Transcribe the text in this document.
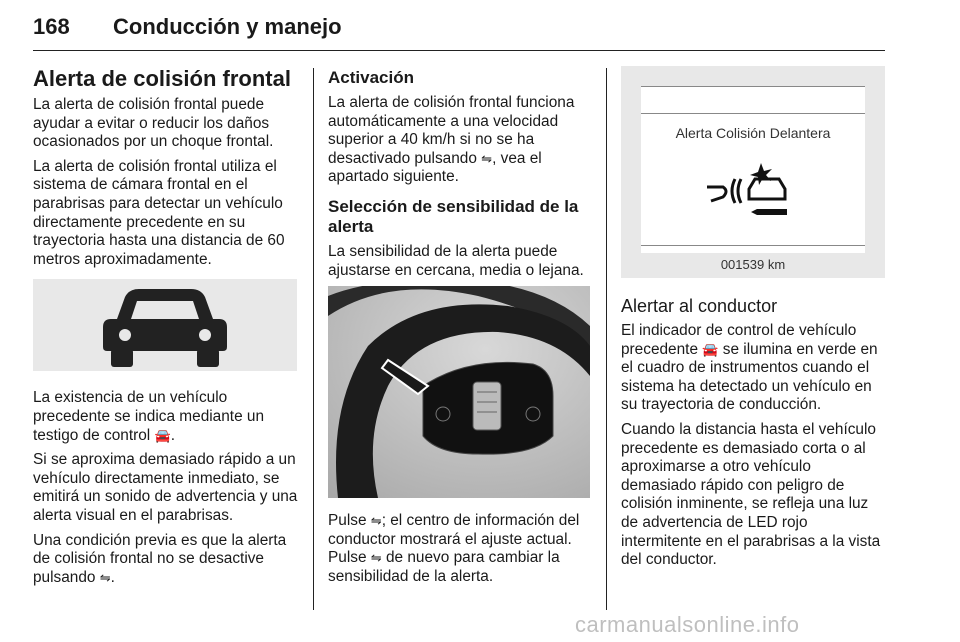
168 Conducción y manejo
Alerta de colisión frontal

La alerta de colisión frontal puede ayudar a evitar o reducir los daños ocasionados por un choque frontal.

La alerta de colisión frontal utiliza el sistema de cámara frontal en el parabrisas para detectar un vehículo directamente precedente en su trayectoria hasta una distancia de 60 metros aproximadamente.

La existencia de un vehículo precedente se indica mediante un testigo de control 🚘.

Si se aproxima demasiado rápido a un vehículo directamente inmediato, se emitirá un sonido de advertencia y una alerta visual en el parabrisas.

Una condición previa es que la alerta de colisión frontal no se desactive pulsando ⇋.

Activación

La alerta de colisión frontal funciona automáticamente a una velocidad superior a 40 km/h si no se ha desactivado pulsando ⇋, vea el apartado siguiente.

Selección de sensibilidad de la alerta

La sensibilidad de la alerta puede ajustarse en cercana, media o lejana.

Pulse ⇋; el centro de información del conductor mostrará el ajuste actual. Pulse ⇋ de nuevo para cambiar la sensibilidad de la alerta.

Alerta Colisión Delantera
001539 km
Alertar al conductor

El indicador de control de vehículo precedente 🚘 se ilumina en verde en el cuadro de instrumentos cuando el sistema ha detectado un vehículo en su trayectoria de conducción.

Cuando la distancia hasta el vehículo precedente es demasiado corta o al aproximarse a otro vehículo demasiado rápido con peligro de colisión inminente, se refleja una luz de advertencia de LED rojo intermitente en el parabrisas a la vista del conductor.

carmanualsonline.info
